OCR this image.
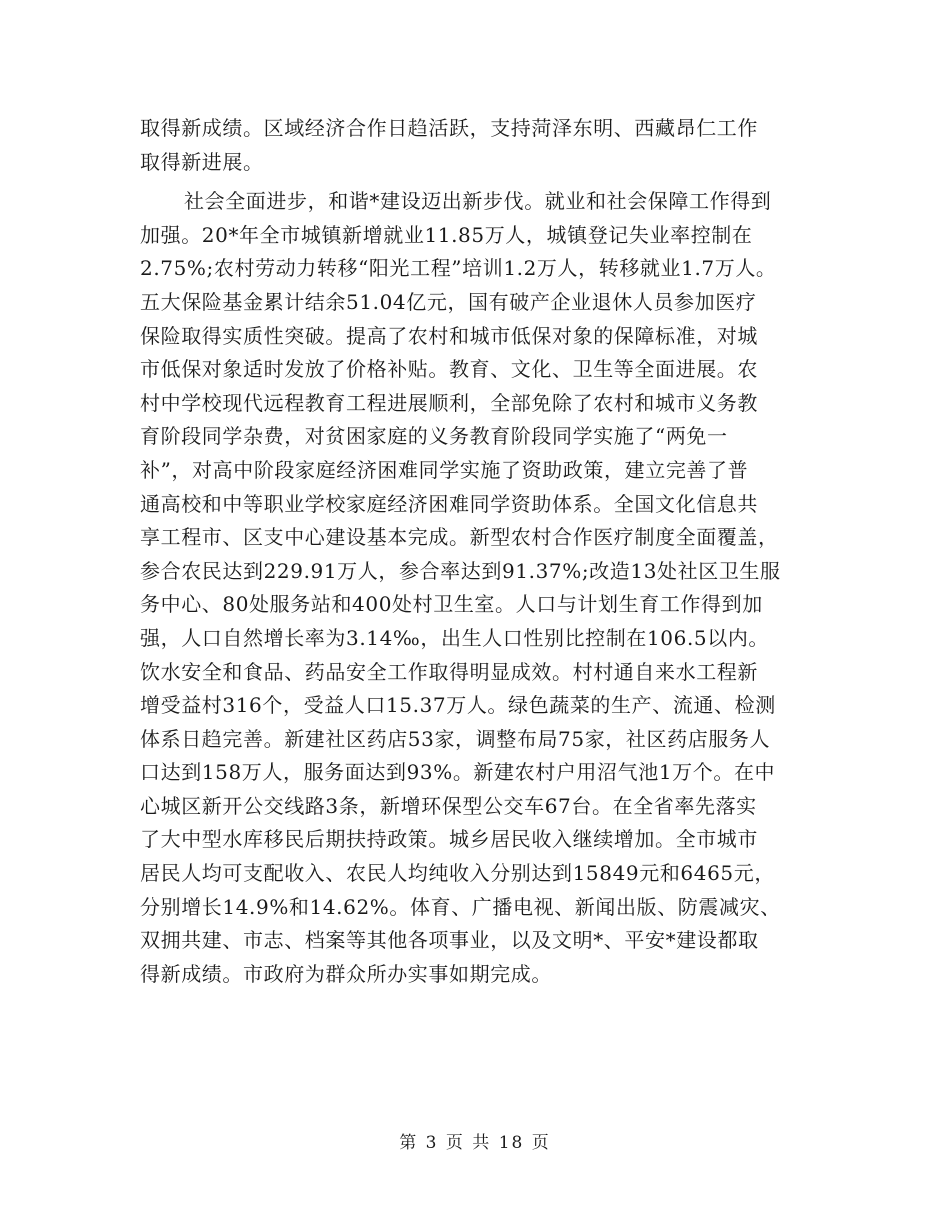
取得新成绩。区域经济合作日趋活跃，支持菏泽东明、西藏昂仁工作
取得新进展。
社会全面进步，和谐*建设迈出新步伐。就业和社会保障工作得到
加强。20*年全市城镇新增就业11.85万人，城镇登记失业率控制在
2.75%;农村劳动力转移“阳光工程”培训1.2万人，转移就业1.7万人。
五大保险基金累计结余51.04亿元，国有破产企业退休人员参加医疗
保险取得实质性突破。提高了农村和城市低保对象的保障标准，对城
市低保对象适时发放了价格补贴。教育、文化、卫生等全面进展。农
村中学校现代远程教育工程进展顺利，全部免除了农村和城市义务教
育阶段同学杂费，对贫困家庭的义务教育阶段同学实施了“两免一
补”，对高中阶段家庭经济困难同学实施了资助政策，建立完善了普
通高校和中等职业学校家庭经济困难同学资助体系。全国文化信息共
享工程市、区支中心建设基本完成。新型农村合作医疗制度全面覆盖，
参合农民达到229.91万人，参合率达到91.37%;改造13处社区卫生服
务中心、80处服务站和400处村卫生室。人口与计划生育工作得到加
强，人口自然增长率为3.14‰，出生人口性别比控制在106.5以内。
饮水安全和食品、药品安全工作取得明显成效。村村通自来水工程新
增受益村316个，受益人口15.37万人。绿色蔬菜的生产、流通、检测
体系日趋完善。新建社区药店53家，调整布局75家，社区药店服务人
口达到158万人，服务面达到93%。新建农村户用沼气池1万个。在中
心城区新开公交线路3条，新增环保型公交车67台。在全省率先落实
了大中型水库移民后期扶持政策。城乡居民收入继续增加。全市城市
居民人均可支配收入、农民人均纯收入分别达到15849元和6465元，
分别增长14.9%和14.62%。体育、广播电视、新闻出版、防震减灾、
双拥共建、市志、档案等其他各项事业，以及文明*、平安*建设都取
得新成绩。市政府为群众所办实事如期完成。
第 3 页 共 18 页
